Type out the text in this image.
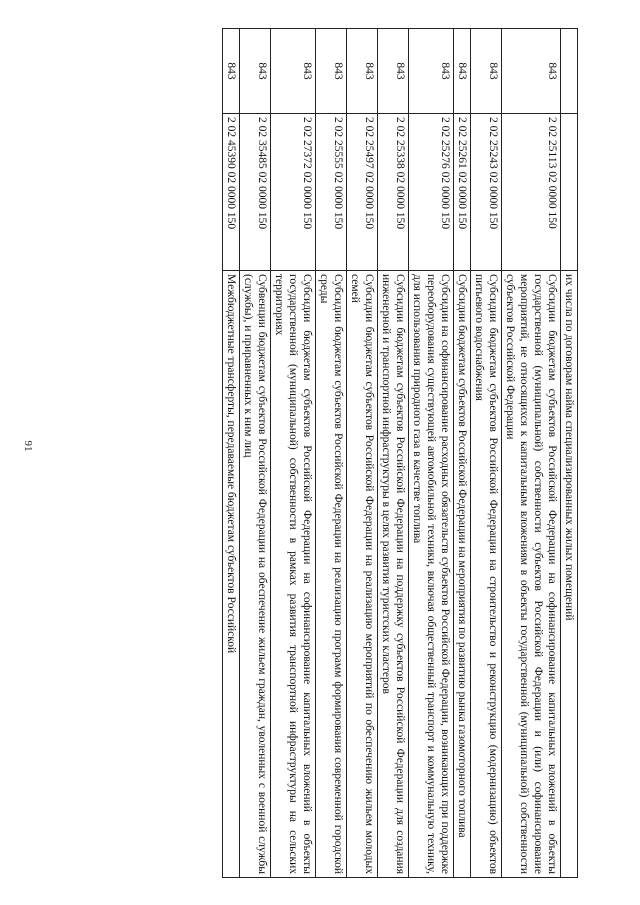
91
			их числа по договорам найма специализированных жилых помещений
843	2 02 25113 02 0000 150	Субсидии бюджетам субъектов Российской Федерации на софинансирование капитальных вложений в объекты государственной (муниципальной) собственности субъектов Российской Федерации и (или) софинансирование мероприятий, не относящихся к капитальным вложениям в объекты государственной (муниципальной) собственности субъектов Российской Федерации
843	2 02 25243 02 0000 150	Субсидии бюджетам субъектов Российской Федерации на строительство и реконструкцию (модернизацию) объектов питьевого водоснабжения
843	2 02 25261 02 0000 150	Субсидии бюджетам субъектов Российской Федерации на мероприятия по развитию рынка газомоторного топлива
843	2 02 25276 02 0000 150	Субсидии на софинансирование расходных обязательств субъектов Российской Федерации, возникающих при поддержке переоборудования существующей автомобильной техники, включая общественный транспорт и коммунальную технику, для использования природного газа в качестве топлива
843	2 02 25338 02 0000 150	Субсидии бюджетам субъектов Российской Федерации на поддержку субъектов Российской Федерации для создания инженерной и транспортной инфраструктуры в целях развития туристских кластеров
843	2 02 25497 02 0000 150	Субсидии бюджетам субъектов Российской Федерации на реализацию мероприятий по обеспечению жильем молодых семей
843	2 02 25555 02 0000 150	Субсидии бюджетам субъектов Российской Федерации на реализацию программ формирования современной городской среды
843	2 02 27372 02 0000 150	Субсидии бюджетам субъектов Российской Федерации на софинансирование капитальных вложений в объекты государственной (муниципальной) собственности в рамках развития транспортной инфраструктуры на сельских территориях
843	2 02 35485 02 0000 150	Субвенции бюджетам субъектов Российской Федерации на обеспечение жильем граждан, уволенных с военной службы (службы), и приравненных к ним лиц
843	2 02 45390 02 0000 150	Межбюджетные трансферты, передаваемые бюджетам субъектов Российской
